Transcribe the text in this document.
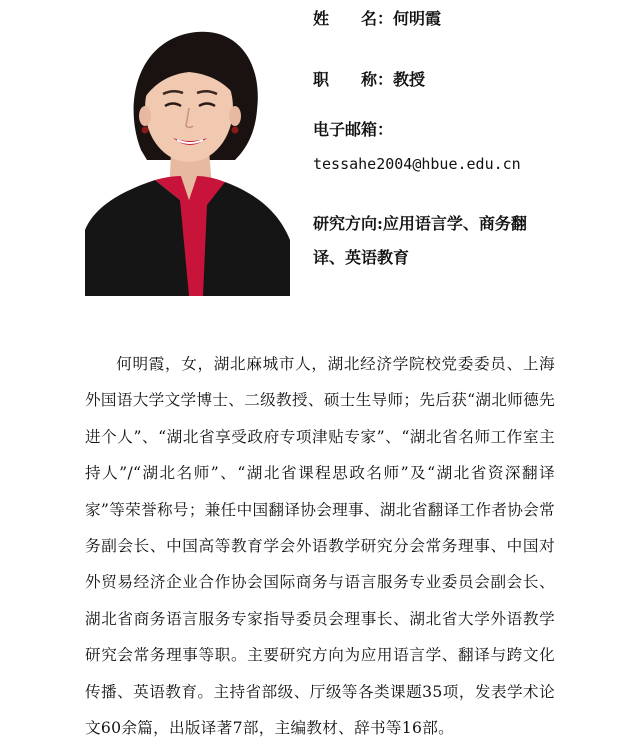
姓　　名：何明霞
职　　称：教授
电子邮箱：
tessahe2004@hbue.edu.cn
研究方向:应用语言学、商务翻译、英语教育
何明霞，女，湖北麻城市人，湖北经济学院校党委委员、上海外国语大学文学博士、二级教授、硕士生导师；先后获“湖北师德先进个人”、“湖北省享受政府专项津贴专家”、“湖北省名师工作室主持人”/“湖北名师”、“湖北省课程思政名师”及“湖北省资深翻译家”等荣誉称号；兼任中国翻译协会理事、湖北省翻译工作者协会常务副会长、中国高等教育学会外语教学研究分会常务理事、中国对外贸易经济企业合作协会国际商务与语言服务专业委员会副会长、湖北省商务语言服务专家指导委员会理事长、湖北省大学外语教学研究会常务理事等职。主要研究方向为应用语言学、翻译与跨文化传播、英语教育。主持省部级、厅级等各类课题35项，发表学术论文60余篇，出版译著7部，主编教材、辞书等16部。
